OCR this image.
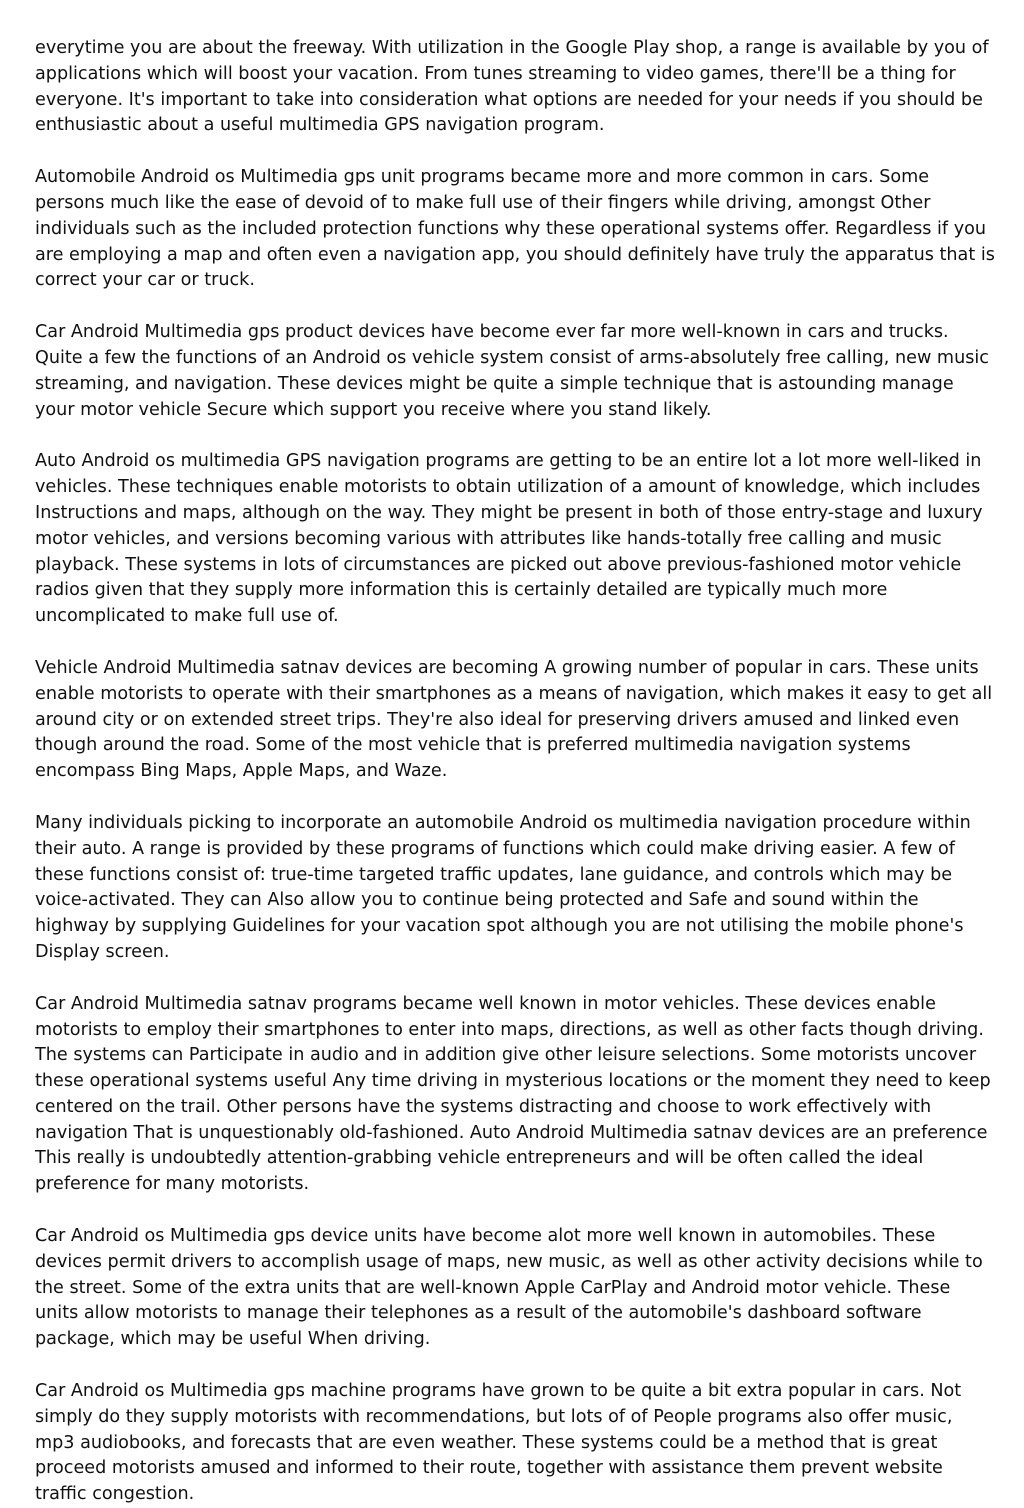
everytime you are about the freeway. With utilization in the Google Play shop, a range is available by you of applications which will boost your vacation. From tunes streaming to video games, there'll be a thing for everyone. It's important to take into consideration what options are needed for your needs if you should be enthusiastic about a useful multimedia GPS navigation program.

Automobile Android os Multimedia gps unit programs became more and more common in cars. Some persons much like the ease of devoid of to make full use of their fingers while driving, amongst Other individuals such as the included protection functions why these operational systems offer. Regardless if you are employing a map and often even a navigation app, you should definitely have truly the apparatus that is correct your car or truck.

Car Android Multimedia gps product devices have become ever far more well-known in cars and trucks. Quite a few the functions of an Android os vehicle system consist of arms-absolutely free calling, new music streaming, and navigation. These devices might be quite a simple technique that is astounding manage your motor vehicle Secure which support you receive where you stand likely.

Auto Android os multimedia GPS navigation programs are getting to be an entire lot a lot more well-liked in vehicles. These techniques enable motorists to obtain utilization of a amount of knowledge, which includes Instructions and maps, although on the way. They might be present in both of those entry-stage and luxury motor vehicles, and versions becoming various with attributes like hands-totally free calling and music playback. These systems in lots of circumstances are picked out above previous-fashioned motor vehicle radios given that they supply more information this is certainly detailed are typically much more uncomplicated to make full use of.

Vehicle Android Multimedia satnav devices are becoming A growing number of popular in cars. These units enable motorists to operate with their smartphones as a means of navigation, which makes it easy to get all around city or on extended street trips. They're also ideal for preserving drivers amused and linked even though around the road. Some of the most vehicle that is preferred multimedia navigation systems encompass Bing Maps, Apple Maps, and Waze.

Many individuals picking to incorporate an automobile Android os multimedia navigation procedure within their auto. A range is provided by these programs of functions which could make driving easier. A few of these functions consist of: true-time targeted traffic updates, lane guidance, and controls which may be voice-activated. They can Also allow you to continue being protected and Safe and sound within the highway by supplying Guidelines for your vacation spot although you are not utilising the mobile phone's Display screen.

Car Android Multimedia satnav programs became well known in motor vehicles. These devices enable motorists to employ their smartphones to enter into maps, directions, as well as other facts though driving. The systems can Participate in audio and in addition give other leisure selections. Some motorists uncover these operational systems useful Any time driving in mysterious locations or the moment they need to keep centered on the trail. Other persons have the systems distracting and choose to work effectively with navigation That is unquestionably old-fashioned. Auto Android Multimedia satnav devices are an preference This really is undoubtedly attention-grabbing vehicle entrepreneurs and will be often called the ideal preference for many motorists.

Car Android os Multimedia gps device units have become alot more well known in automobiles. These devices permit drivers to accomplish usage of maps, new music, as well as other activity decisions while to the street. Some of the extra units that are well-known Apple CarPlay and Android motor vehicle. These units allow motorists to manage their telephones as a result of the automobile's dashboard software package, which may be useful When driving.

Car Android os Multimedia gps machine programs have grown to be quite a bit extra popular in cars. Not simply do they supply motorists with recommendations, but lots of of People programs also offer music, mp3 audiobooks, and forecasts that are even weather. These systems could be a method that is great proceed motorists amused and informed to their route, together with assistance them prevent website traffic congestion.
